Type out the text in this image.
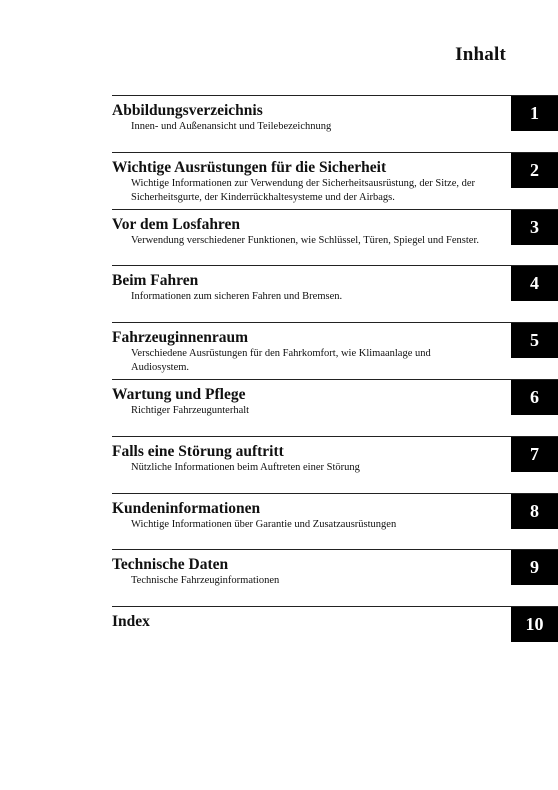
Inhalt
Abbildungsverzeichnis
Innen- und Außenansicht und Teilebezeichnung
1
Wichtige Ausrüstungen für die Sicherheit
Wichtige Informationen zur Verwendung der Sicherheitsausrüstung, der Sitze, der Sicherheitsgurte, der Kinderrückhaltesysteme und der Airbags.
2
Vor dem Losfahren
Verwendung verschiedener Funktionen, wie Schlüssel, Türen, Spiegel und Fenster.
3
Beim Fahren
Informationen zum sicheren Fahren und Bremsen.
4
Fahrzeuginnenraum
Verschiedene Ausrüstungen für den Fahrkomfort, wie Klimaanlage und Audiosystem.
5
Wartung und Pflege
Richtiger Fahrzeugunterhalt
6
Falls eine Störung auftritt
Nützliche Informationen beim Auftreten einer Störung
7
Kundeninformationen
Wichtige Informationen über Garantie und Zusatzausrüstungen
8
Technische Daten
Technische Fahrzeuginformationen
9
Index	10
